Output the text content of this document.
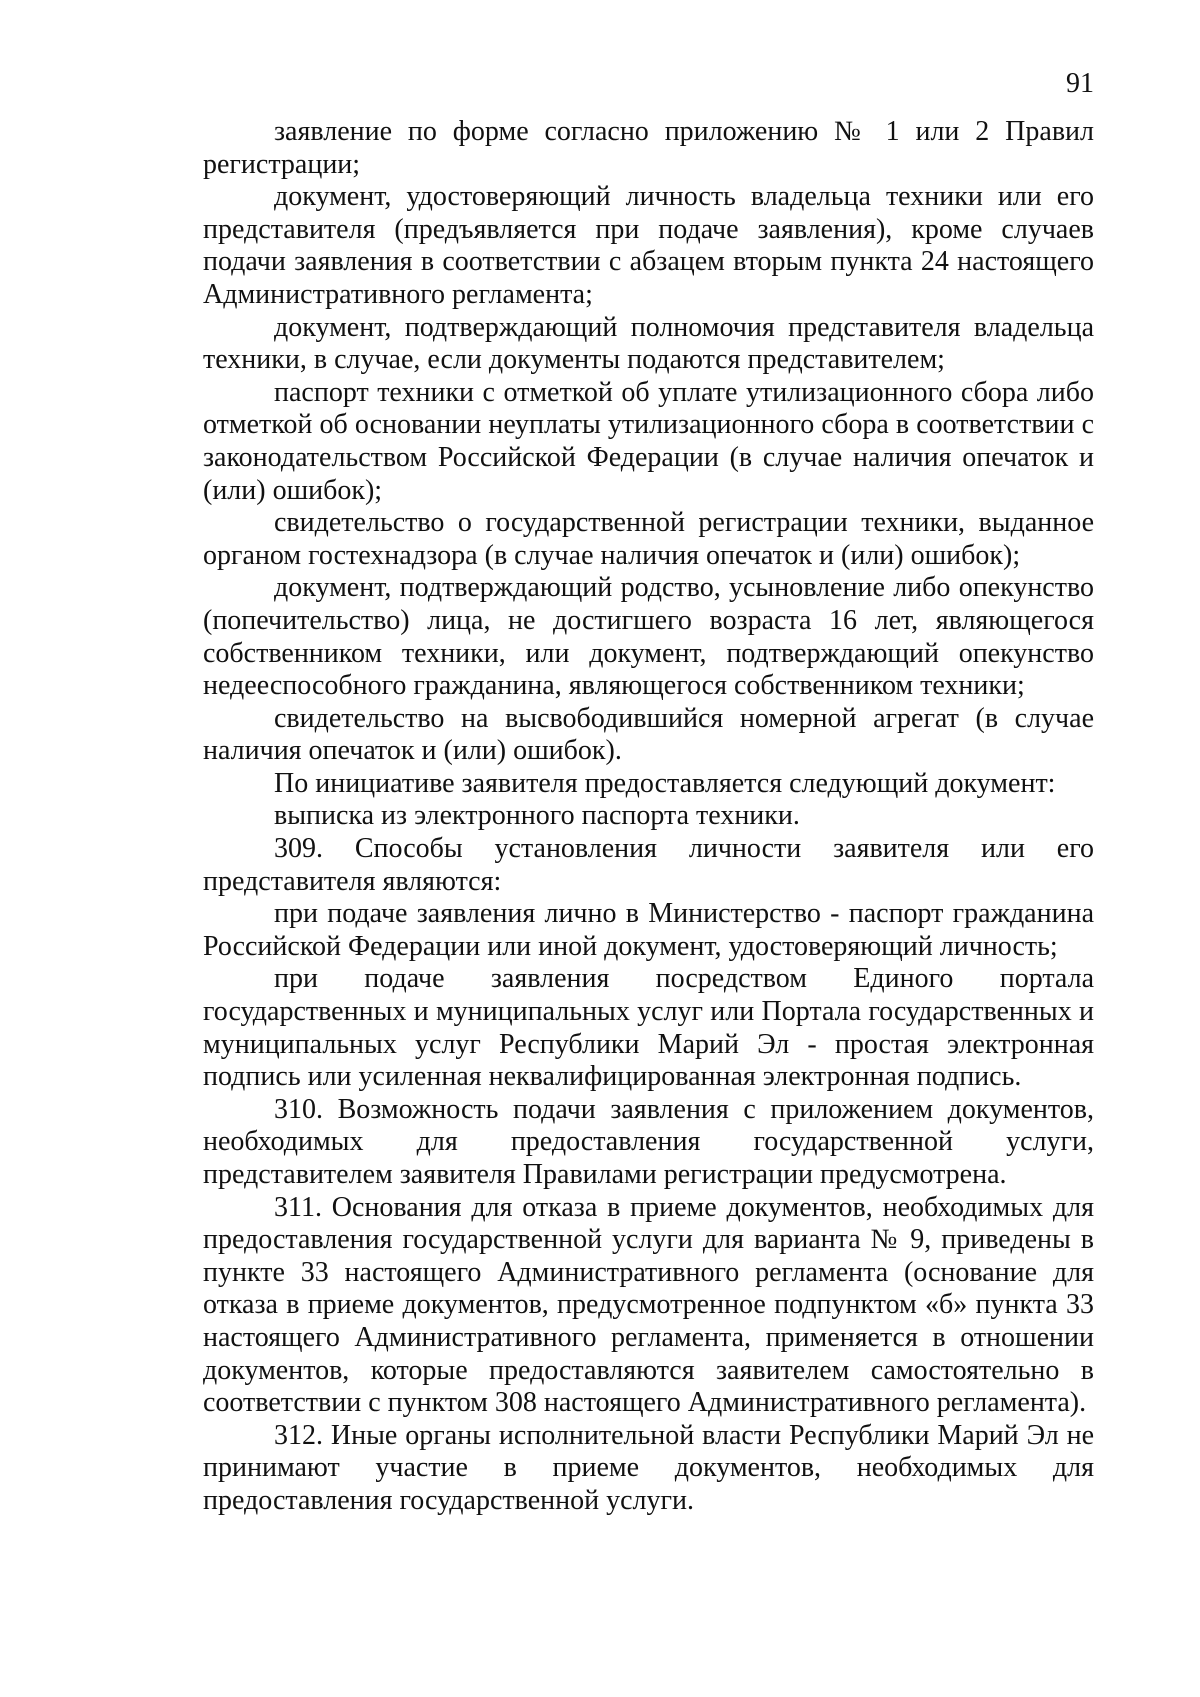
91

заявление по форме согласно приложению № 1 или 2 Правил регистрации;

документ, удостоверяющий личность владельца техники или его представителя (предъявляется при подаче заявления), кроме случаев подачи заявления в соответствии с абзацем вторым пункта 24 настоящего Административного регламента;

документ, подтверждающий полномочия представителя владельца техники, в случае, если документы подаются представителем;

паспорт техники с отметкой об уплате утилизационного сбора либо отметкой об основании неуплаты утилизационного сбора в соответствии с законодательством Российской Федерации (в случае наличия опечаток и (или) ошибок);

свидетельство о государственной регистрации техники, выданное органом гостехнадзора (в случае наличия опечаток и (или) ошибок);

документ, подтверждающий родство, усыновление либо опекунство (попечительство) лица, не достигшего возраста 16 лет, являющегося собственником техники, или документ, подтверждающий опекунство недееспособного гражданина, являющегося собственником техники;

свидетельство на высвободившийся номерной агрегат (в случае наличия опечаток и (или) ошибок).

По инициативе заявителя предоставляется следующий документ:

выписка из электронного паспорта техники.

309. Способы установления личности заявителя или его представителя являются:

при подаче заявления лично в Министерство - паспорт гражданина Российской Федерации или иной документ, удостоверяющий личность;

при подаче заявления посредством Единого портала государственных и муниципальных услуг или Портала государственных и муниципальных услуг Республики Марий Эл - простая электронная подпись или усиленная неквалифицированная электронная подпись.

310. Возможность подачи заявления с приложением документов, необходимых для предоставления государственной услуги, представителем заявителя Правилами регистрации предусмотрена.

311. Основания для отказа в приеме документов, необходимых для предоставления государственной услуги для варианта № 9, приведены в пункте 33 настоящего Административного регламента (основание для отказа в приеме документов, предусмотренное подпунктом «б» пункта 33 настоящего Административного регламента, применяется в отношении документов, которые предоставляются заявителем самостоятельно в соответствии с пунктом 308 настоящего Административного регламента).

312. Иные органы исполнительной власти Республики Марий Эл не принимают участие в приеме документов, необходимых для предоставления государственной услуги.
